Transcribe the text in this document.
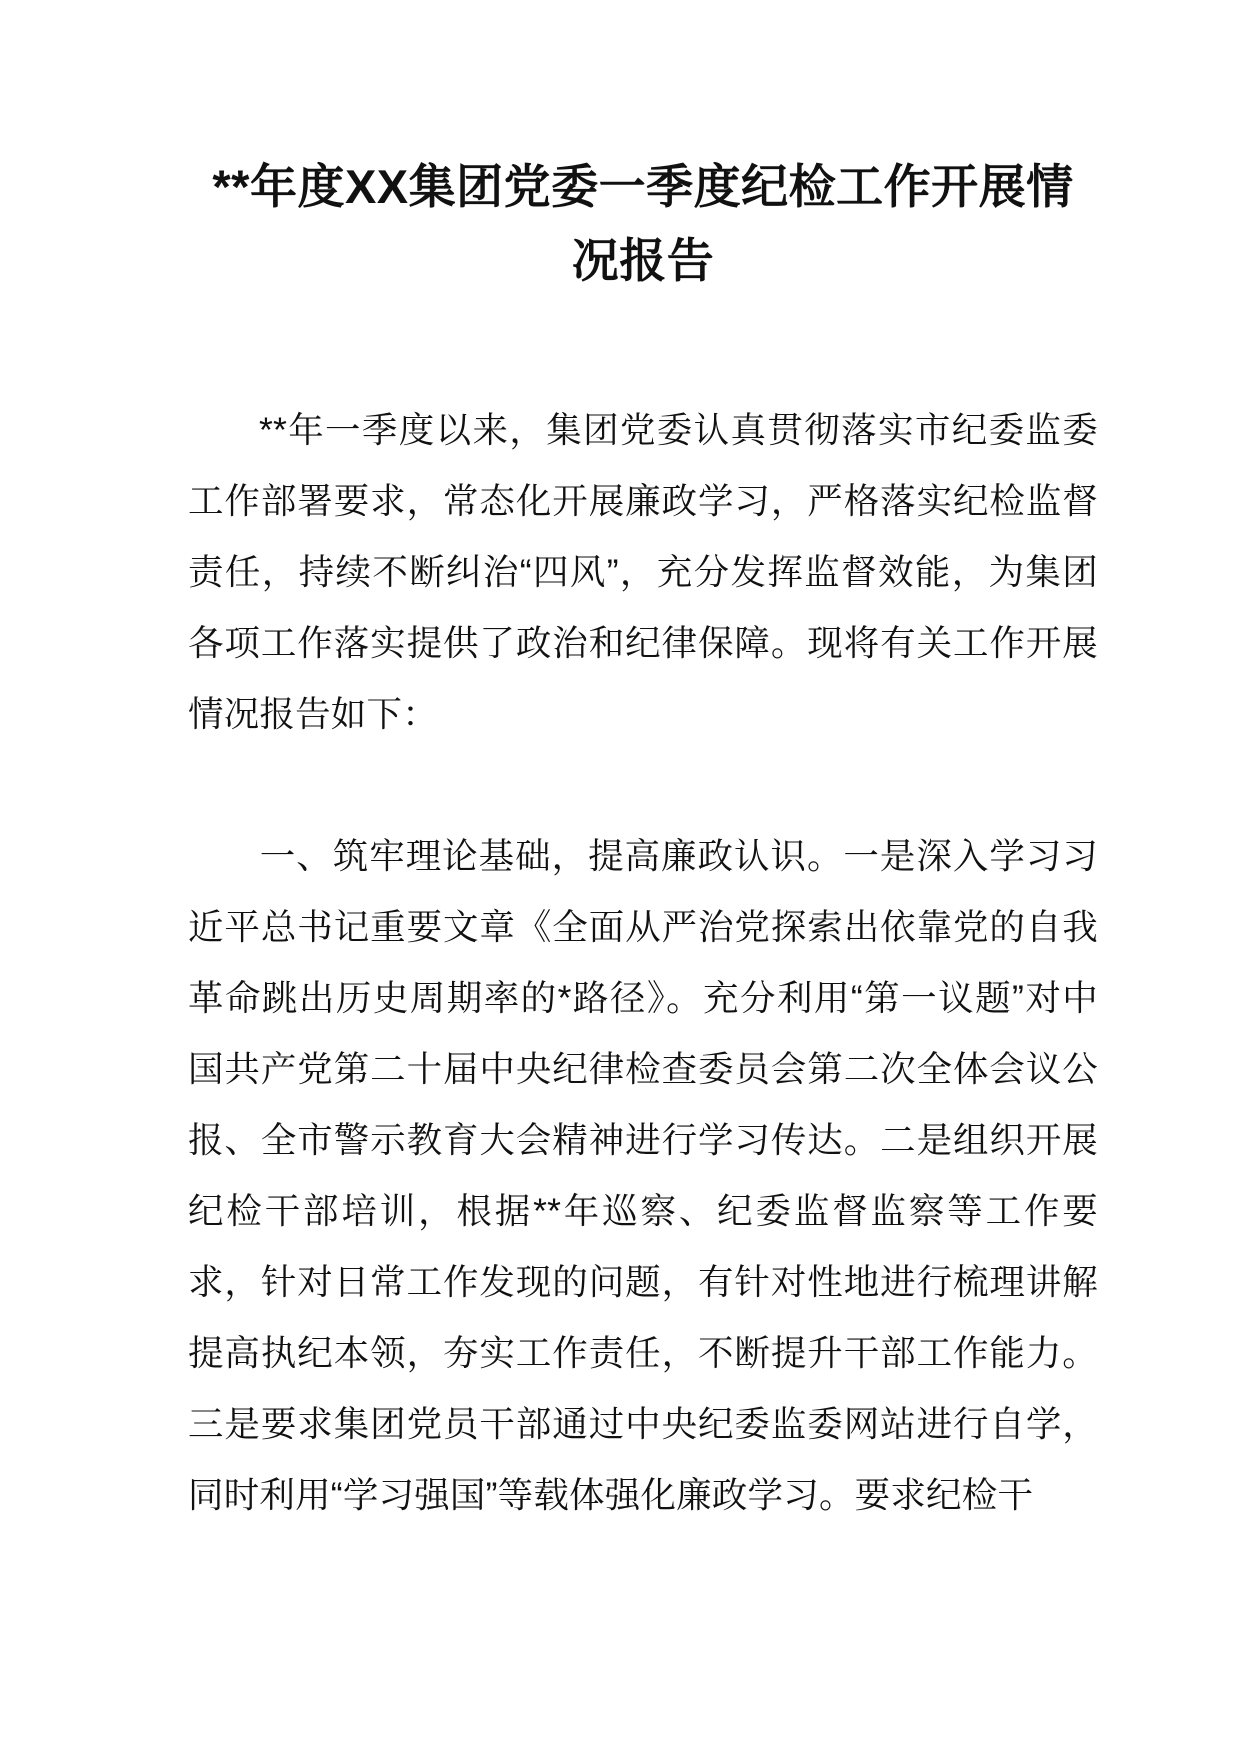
**年度XX集团党委一季度纪检工作开展情 况报告

**年一季度以来，集团党委认真贯彻落实市纪委监委工作部署要求，常态化开展廉政学习，严格落实纪检监督责任，持续不断纠治“四风”，充分发挥监督效能，为集团各项工作落实提供了政治和纪律保障。现将有关工作开展情况报告如下：

一、筑牢理论基础，提高廉政认识。一是深入学习习近平总书记重要文章《全面从严治党探索出依靠党的自我革命跳出历史周期率的*路径》。充分利用“第一议题”对中国共产党第二十届中央纪律检查委员会第二次全体会议公报、全市警示教育大会精神进行学习传达。二是组织开展纪检干部培训，根据**年巡察、纪委监督监察等工作要求，针对日常工作发现的问题，有针对性地进行梳理讲解提高执纪本领，夯实工作责任，不断提升干部工作能力。三是要求集团党员干部通过中央纪委监委网站进行自学，同时利用“学习强国”等载体强化廉政学习。要求纪检干
